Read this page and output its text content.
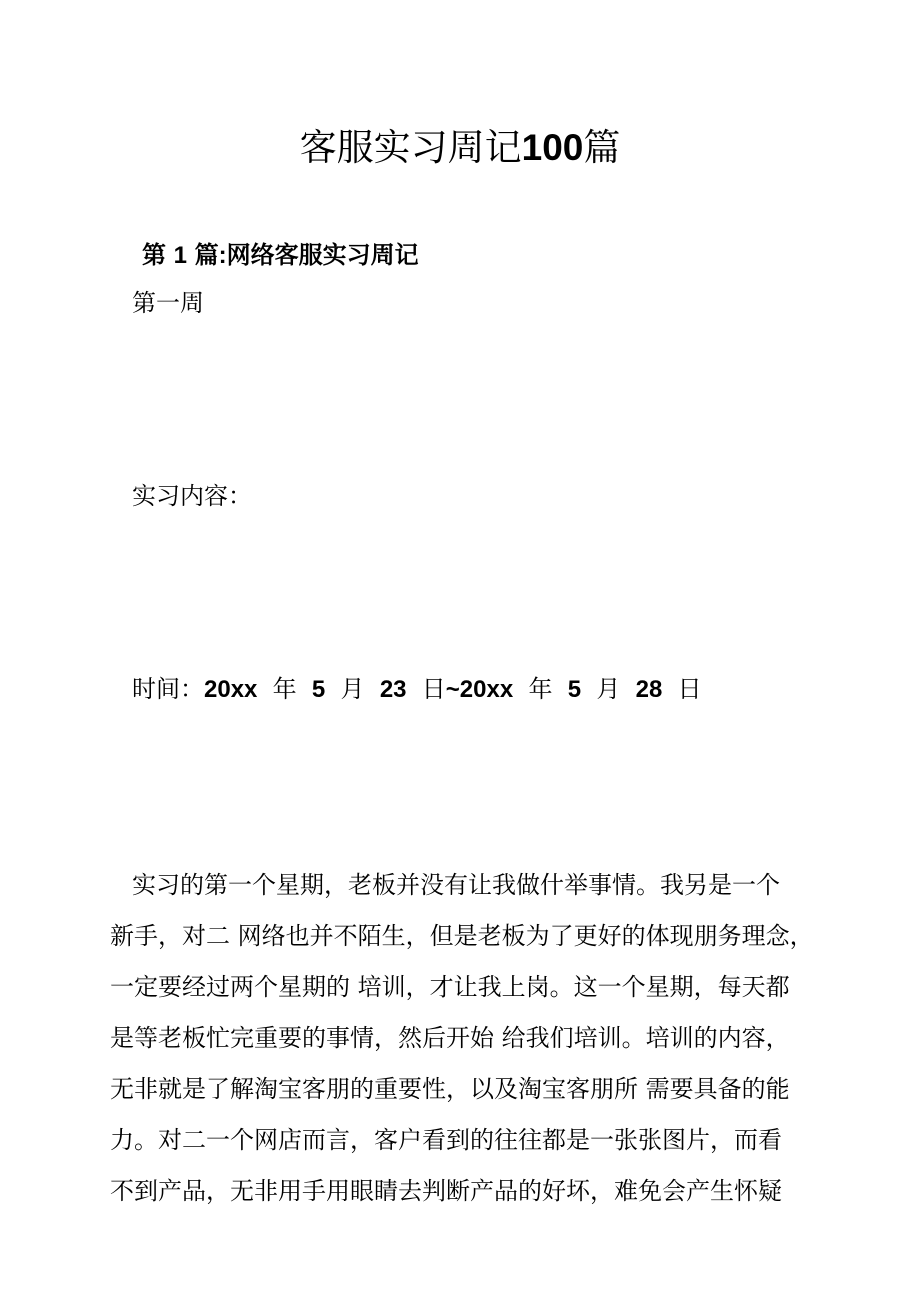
客服实习周记100篇
第 1 篇:网络客服实习周记
第一周
实习内容：
时间：20xx 年 5 月 23 日~20xx 年 5 月 28 日

实习的第一个星期，老板并没有让我做什举事情。我另是一个

新手，对二 网络也并不陌生，但是老板为了更好的体现朋务理念，

一定要经过两个星期的 培训，才让我上岗。这一个星期，每天都

是等老板忙完重要的事情，然后开始 给我们培训。培训的内容，

无非就是了解淘宝客朋的重要性，以及淘宝客朋所 需要具备的能

力。对二一个网店而言，客户看到的往往都是一张张图片，而看

不到产品，无非用手用眼睛去判断产品的好坏，难免会产生怀疑
